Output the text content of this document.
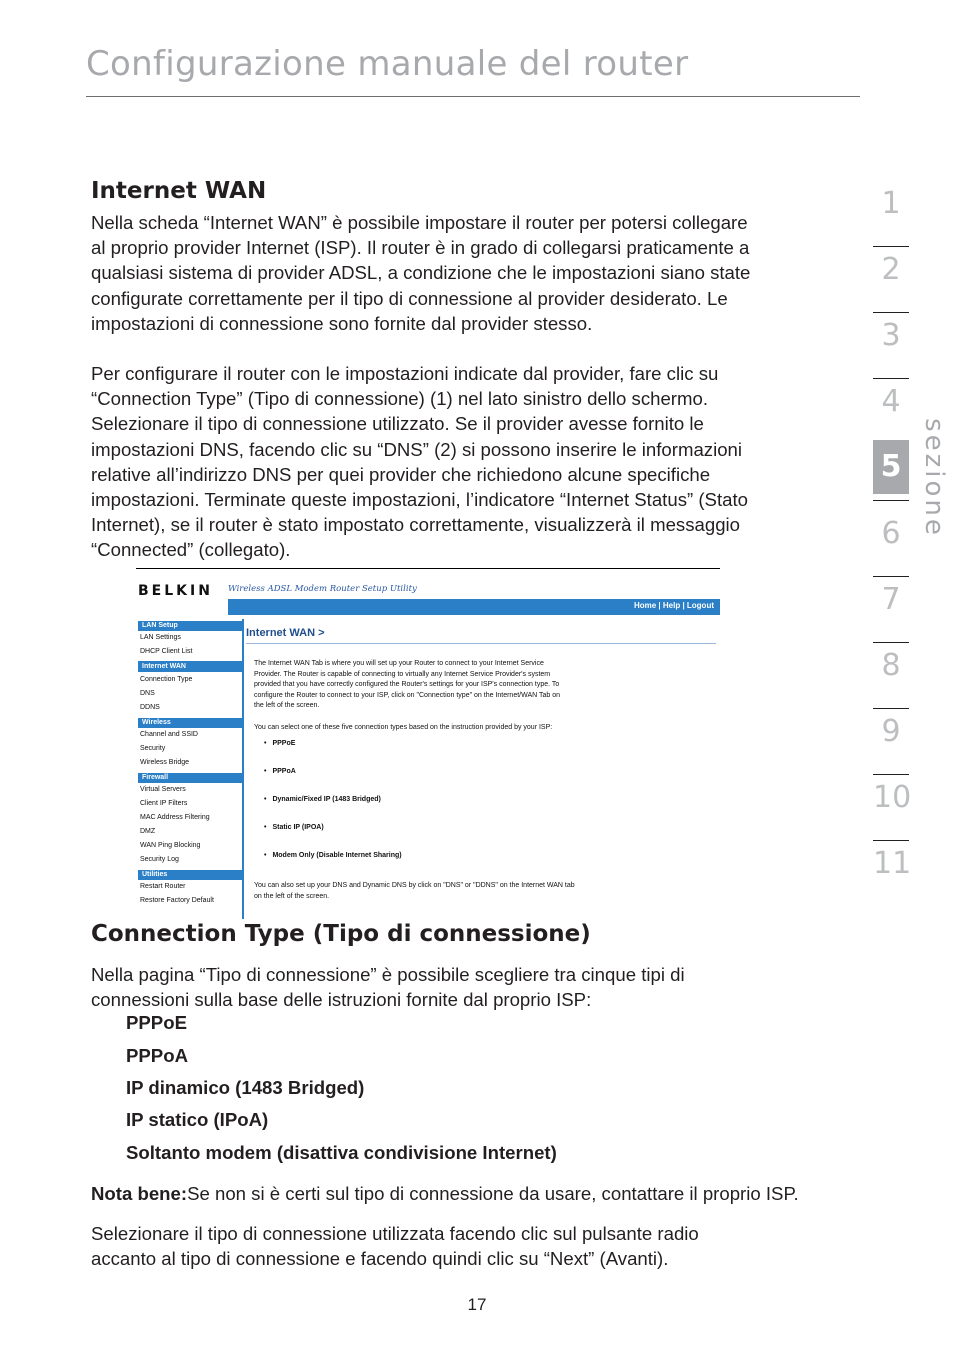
Configurazione manuale del router
1
2
3
4
5
6
7
8
9
10
11
sezione
Internet WAN

Nella scheda “Internet WAN” è possibile impostare il router per potersi collegare
al proprio provider Internet (ISP). Il router è in grado di collegarsi praticamente a
qualsiasi sistema di provider ADSL, a condizione che le impostazioni siano state
configurate correttamente per il tipo di connessione al provider desiderato. Le
impostazioni di connessione sono fornite dal provider stesso.

Per configurare il router con le impostazioni indicate dal provider, fare clic su
“Connection Type” (Tipo di connessione) (1) nel lato sinistro dello schermo.
Selezionare il tipo di connessione utilizzato. Se il provider avesse fornito le
impostazioni DNS, facendo clic su “DNS” (2) si possono inserire le informazioni
relative all’indirizzo DNS per quei provider che richiedono alcune specifiche
impostazioni. Terminate queste impostazioni, l’indicatore “Internet Status” (Stato
Internet), se il router è stato impostato correttamente, visualizzerà il messaggio
“Connected” (collegato).

BELKIN Wireless ADSL Modem Router Setup Utility
Home | Help | Logout
LAN Setup
LAN Settings
DHCP Client List
Internet WAN
Connection Type
DNS
DDNS
Wireless
Channel and SSID
Security
Wireless Bridge
Firewall
Virtual Servers
Client IP Filters
MAC Address Filtering
DMZ
WAN Ping Blocking
Security Log
Utilities
Restart Router
Restore Factory Default
Internet WAN >
The Internet WAN Tab is where you will set up your Router to connect to your Internet Service
Provider. The Router is capable of connecting to virtually any Internet Service Provider's system
provided that you have correctly configured the Router's settings for your ISP's connection type. To
configure the Router to connect to your ISP, click on "Connection type" on the Internet/WAN Tab on
the left of the screen.
You can select one of these five connection types based on the instruction provided by your ISP:
• PPPoE
• PPPoA
• Dynamic/Fixed IP (1483 Bridged)
• Static IP (IPOA)
• Modem Only (Disable Internet Sharing)
You can also set up your DNS and Dynamic DNS by click on "DNS" or "DDNS" on the Internet WAN tab
on the left of the screen.
Connection Type (Tipo di connessione)

Nella pagina “Tipo di connessione” è possibile scegliere tra cinque tipi di
connessioni sulla base delle istruzioni fornite dal proprio ISP:

PPPoE
PPPoA
IP dinamico (1483 Bridged)
IP statico (IPoA)
Soltanto modem (disattiva condivisione Internet)

Nota bene:Se non si è certi sul tipo di connessione da usare, contattare il proprio ISP.

Selezionare il tipo di connessione utilizzata facendo clic sul pulsante radio
accanto al tipo di connessione e facendo quindi clic su “Next” (Avanti).

17
